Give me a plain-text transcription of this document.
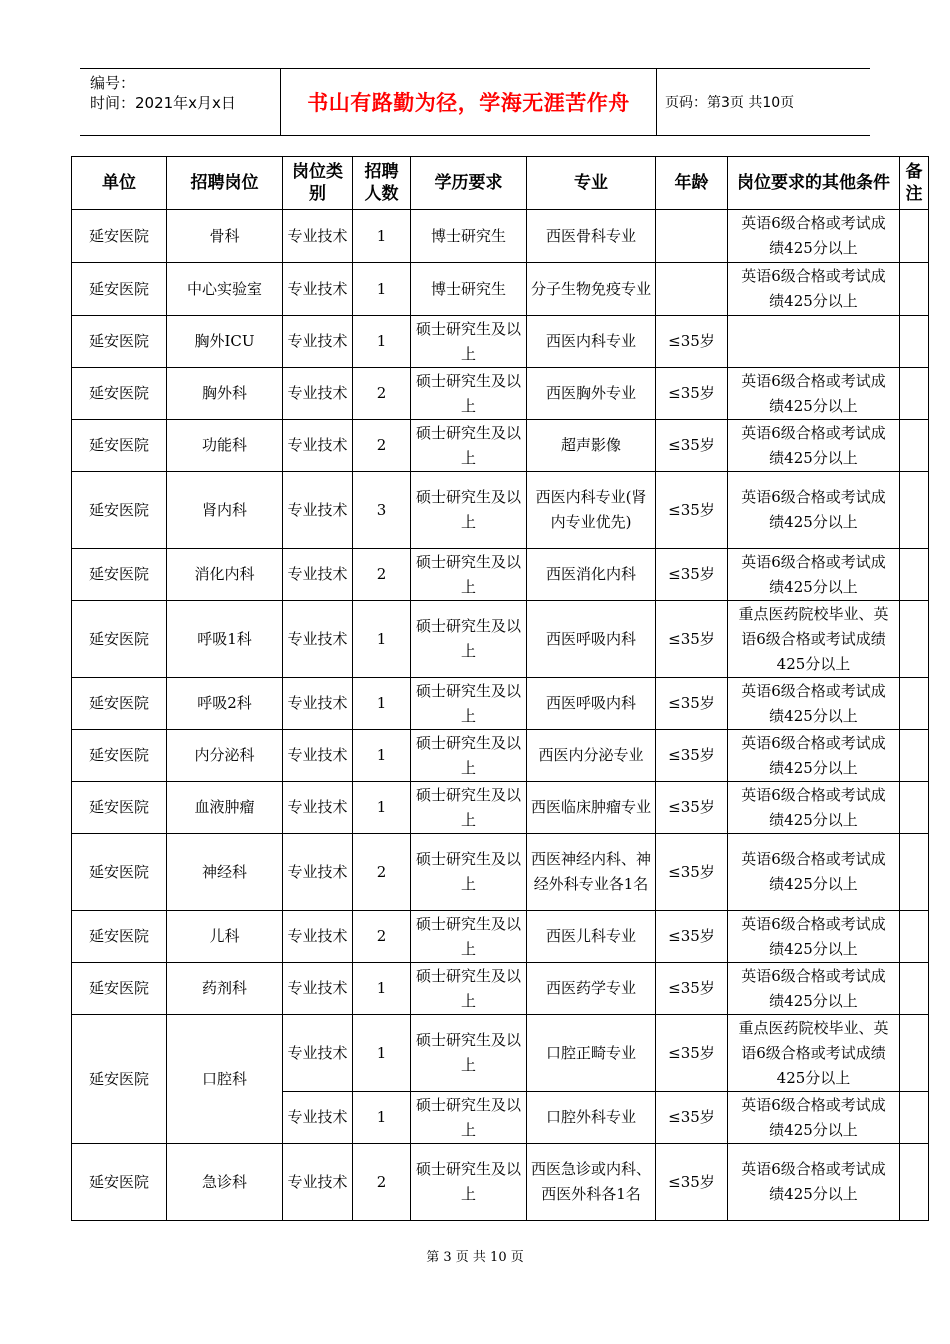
编号：
时间：2021年x月x日	书山有路勤为径，学海无涯苦作舟	页码：第3页 共10页
单位	招聘岗位	岗位类别	招聘人数	学历要求	专业	年龄	岗位要求的其他条件	备注
延安医院	骨科	专业技术	1	博士研究生	西医骨科专业		英语6级合格或考试成绩425分以上	
延安医院	中心实验室	专业技术	1	博士研究生	分子生物免疫专业		英语6级合格或考试成绩425分以上	
延安医院	胸外ICU	专业技术	1	硕士研究生及以上	西医内科专业	≤35岁		
延安医院	胸外科	专业技术	2	硕士研究生及以上	西医胸外专业	≤35岁	英语6级合格或考试成绩425分以上	
延安医院	功能科	专业技术	2	硕士研究生及以上	超声影像	≤35岁	英语6级合格或考试成绩425分以上	
延安医院	肾内科	专业技术	3	硕士研究生及以上	西医内科专业(肾内专业优先)	≤35岁	英语6级合格或考试成绩425分以上	
延安医院	消化内科	专业技术	2	硕士研究生及以上	西医消化内科	≤35岁	英语6级合格或考试成绩425分以上	
延安医院	呼吸1科	专业技术	1	硕士研究生及以上	西医呼吸内科	≤35岁	重点医药院校毕业、英语6级合格或考试成绩425分以上	
延安医院	呼吸2科	专业技术	1	硕士研究生及以上	西医呼吸内科	≤35岁	英语6级合格或考试成绩425分以上	
延安医院	内分泌科	专业技术	1	硕士研究生及以上	西医内分泌专业	≤35岁	英语6级合格或考试成绩425分以上	
延安医院	血液肿瘤	专业技术	1	硕士研究生及以上	西医临床肿瘤专业	≤35岁	英语6级合格或考试成绩425分以上	
延安医院	神经科	专业技术	2	硕士研究生及以上	西医神经内科、神经外科专业各1名	≤35岁	英语6级合格或考试成绩425分以上	
延安医院	儿科	专业技术	2	硕士研究生及以上	西医儿科专业	≤35岁	英语6级合格或考试成绩425分以上	
延安医院	药剂科	专业技术	1	硕士研究生及以上	西医药学专业	≤35岁	英语6级合格或考试成绩425分以上	
延安医院	口腔科	专业技术	1	硕士研究生及以上	口腔正畸专业	≤35岁	重点医药院校毕业、英语6级合格或考试成绩425分以上	
		专业技术	1	硕士研究生及以上	口腔外科专业	≤35岁	英语6级合格或考试成绩425分以上	
延安医院	急诊科	专业技术	2	硕士研究生及以上	西医急诊或内科、西医外科各1名	≤35岁	英语6级合格或考试成绩425分以上	
第 3 页 共 10 页
